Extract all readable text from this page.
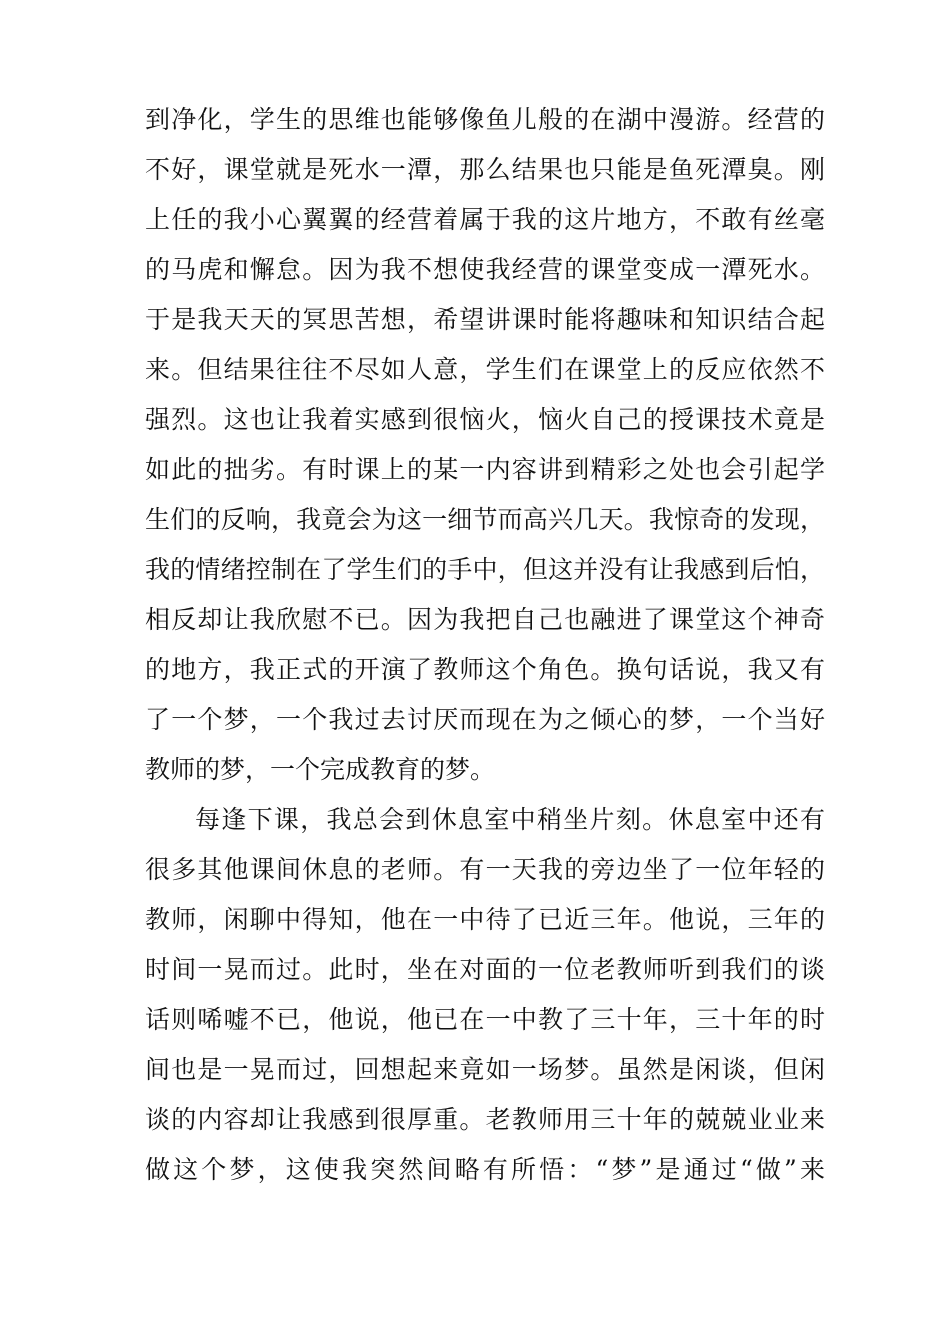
到净化，学生的思维也能够像鱼儿般的在湖中漫游。经营的
不好，课堂就是死水一潭，那么结果也只能是鱼死潭臭。刚
上任的我小心翼翼的经营着属于我的这片地方，不敢有丝毫
的马虎和懈怠。因为我不想使我经营的课堂变成一潭死水。
于是我天天的冥思苦想，希望讲课时能将趣味和知识结合起
来。但结果往往不尽如人意，学生们在课堂上的反应依然不
强烈。这也让我着实感到很恼火，恼火自己的授课技术竟是
如此的拙劣。有时课上的某一内容讲到精彩之处也会引起学
生们的反响，我竟会为这一细节而高兴几天。我惊奇的发现，
我的情绪控制在了学生们的手中，但这并没有让我感到后怕，
相反却让我欣慰不已。因为我把自己也融进了课堂这个神奇
的地方，我正式的开演了教师这个角色。换句话说，我又有
了一个梦，一个我过去讨厌而现在为之倾心的梦，一个当好
教师的梦，一个完成教育的梦。
每逢下课，我总会到休息室中稍坐片刻。休息室中还有
很多其他课间休息的老师。有一天我的旁边坐了一位年轻的
教师，闲聊中得知，他在一中待了已近三年。他说，三年的
时间一晃而过。此时，坐在对面的一位老教师听到我们的谈
话则唏嘘不已，他说，他已在一中教了三十年，三十年的时
间也是一晃而过，回想起来竟如一场梦。虽然是闲谈，但闲
谈的内容却让我感到很厚重。老教师用三十年的兢兢业业来
做这个梦，这使我突然间略有所悟：“梦”是通过“做”来
